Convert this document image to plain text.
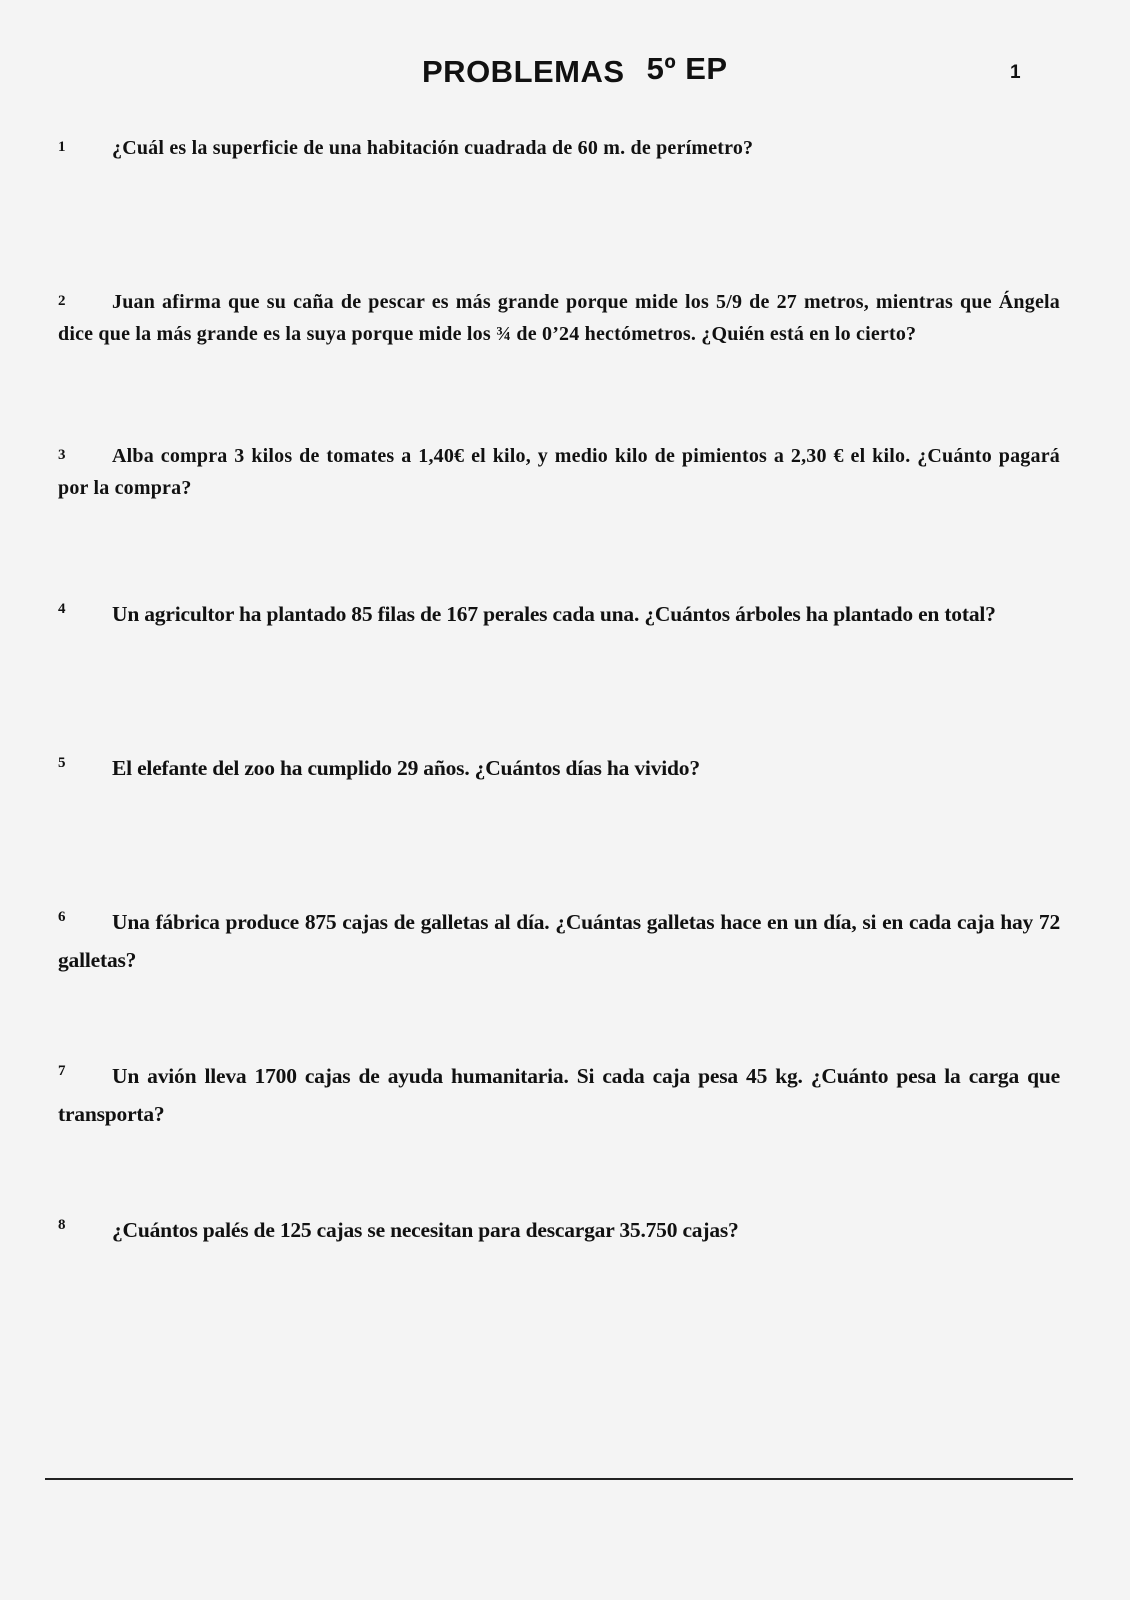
PROBLEMAS 5º EP	1
1	¿Cuál es la superficie de una habitación cuadrada de 60 m. de perímetro?
2	Juan afirma que su caña de pescar es más grande porque mide los 5/9 de 27 metros, mientras que Ángela dice que la más grande es la suya porque mide los ¾ de 0’24 hectómetros. ¿Quién está en lo cierto?
3	Alba compra 3 kilos de tomates a 1,40€ el kilo, y medio kilo de pimientos a 2,30 € el kilo. ¿Cuánto pagará por la compra?
4	Un agricultor ha plantado 85 filas de 167 perales cada una. ¿Cuántos árboles ha plantado en total?
5	El elefante del zoo ha cumplido 29 años. ¿Cuántos días ha vivido?
6	Una fábrica produce 875 cajas de galletas al día. ¿Cuántas galletas hace en un día, si en cada caja hay 72 galletas?
7	Un avión lleva 1700 cajas de ayuda humanitaria. Si cada caja pesa 45 kg. ¿Cuánto pesa la carga que transporta?
8	¿Cuántos palés de 125 cajas se necesitan para descargar 35.750 cajas?
